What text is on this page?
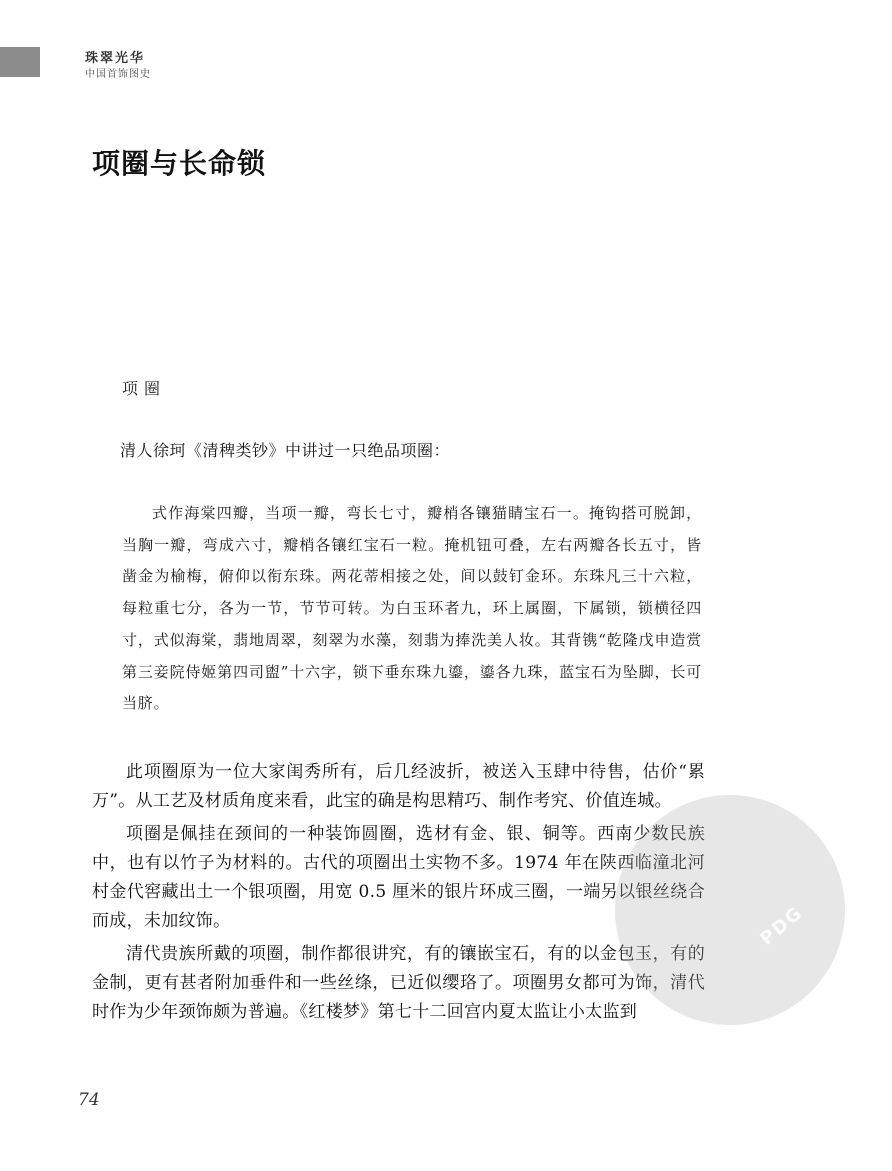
珠翠光华
中国首饰图史
项圈与长命锁
项圈
清人徐珂《清稗类钞》中讲过一只绝品项圈：

式作海棠四瓣，当项一瓣，弯长七寸，瓣梢各镶猫睛宝石一。掩钩搭可脱卸，当胸一瓣，弯成六寸，瓣梢各镶红宝石一粒。掩机钮可叠，左右两瓣各长五寸，皆凿金为榆梅，俯仰以衔东珠。两花蒂相接之处，间以鼓钉金环。东珠凡三十六粒，每粒重七分，各为一节，节节可转。为白玉环者九，环上属圈，下属锁，锁横径四寸，式似海棠，翡地周翠，刻翠为水藻，刻翡为捧洗美人妆。其背镌“乾隆戊申造赏第三妾院侍姬第四司盥”十六字，锁下垂东珠九鎏，鎏各九珠，蓝宝石为坠脚，长可当脐。

此项圈原为一位大家闺秀所有，后几经波折，被送入玉肆中待售，估价“累万”。从工艺及材质角度来看，此宝的确是构思精巧、制作考究、价值连城。

项圈是佩挂在颈间的一种装饰圆圈，选材有金、银、铜等。西南少数民族中，也有以竹子为材料的。古代的项圈出土实物不多。1974 年在陕西临潼北河村金代窖藏出土一个银项圈，用宽 0.5 厘米的银片环成三圈，一端另以银丝绕合而成，未加纹饰。

清代贵族所戴的项圈，制作都很讲究，有的镶嵌宝石，有的以金包玉，有的金制，更有甚者附加垂件和一些丝绦，已近似缨珞了。项圈男女都可为饰，清代时作为少年颈饰颇为普遍。《红楼梦》第七十二回宫内夏太监让小太监到

74
PDG
